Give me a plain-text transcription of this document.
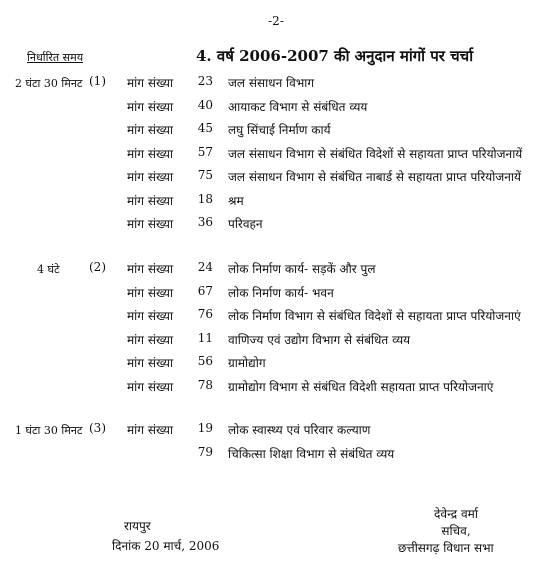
-2-
निर्धारित समय	4. वर्ष 2006-2007 की अनुदान मांगों पर चर्चा
2 घंटा 30 मिनट (1) मांग संख्या	23 जल संसाधन विभाग
मांग संख्या	40 आयाकट विभाग से संबंधित व्यय
मांग संख्या	45 लघु सिंचाई निर्माण कार्य
मांग संख्या	57 जल संसाधन विभाग से संबंधित विदेशों से सहायता प्राप्त परियोजनायें
मांग संख्या	75 जल संसाधन विभाग से संबंधित नाबार्ड से सहायता प्राप्त परियोजनायें
मांग संख्या	18 श्रम
मांग संख्या	36 परिवहन
4 घंटे (2) मांग संख्या	24 लोक निर्माण कार्य- सड़कें और पुल
मांग संख्या	67 लोक निर्माण कार्य- भवन
मांग संख्या	76 लोक निर्माण विभाग से संबंधित विदेशों से सहायता प्राप्त परियोजनाएं
मांग संख्या	11 वाणिज्य एवं उद्योग विभाग से संबंधित व्यय
मांग संख्या	56 ग्रामोद्योग
मांग संख्या	78 ग्रामोद्योग विभाग से संबंधित विदेशी सहायता प्राप्त परियोजनाएं
1 घंटा 30 मिनट (3) मांग संख्या	19 लोक स्वास्थ्य एवं परिवार कल्याण
79 चिकित्सा शिक्षा विभाग से संबंधित व्यय
रायपुर
दिनांक 20 मार्च, 2006
देवेन्द्र वर्मा
सचिव,
छत्तीसगढ़ विधान सभा
